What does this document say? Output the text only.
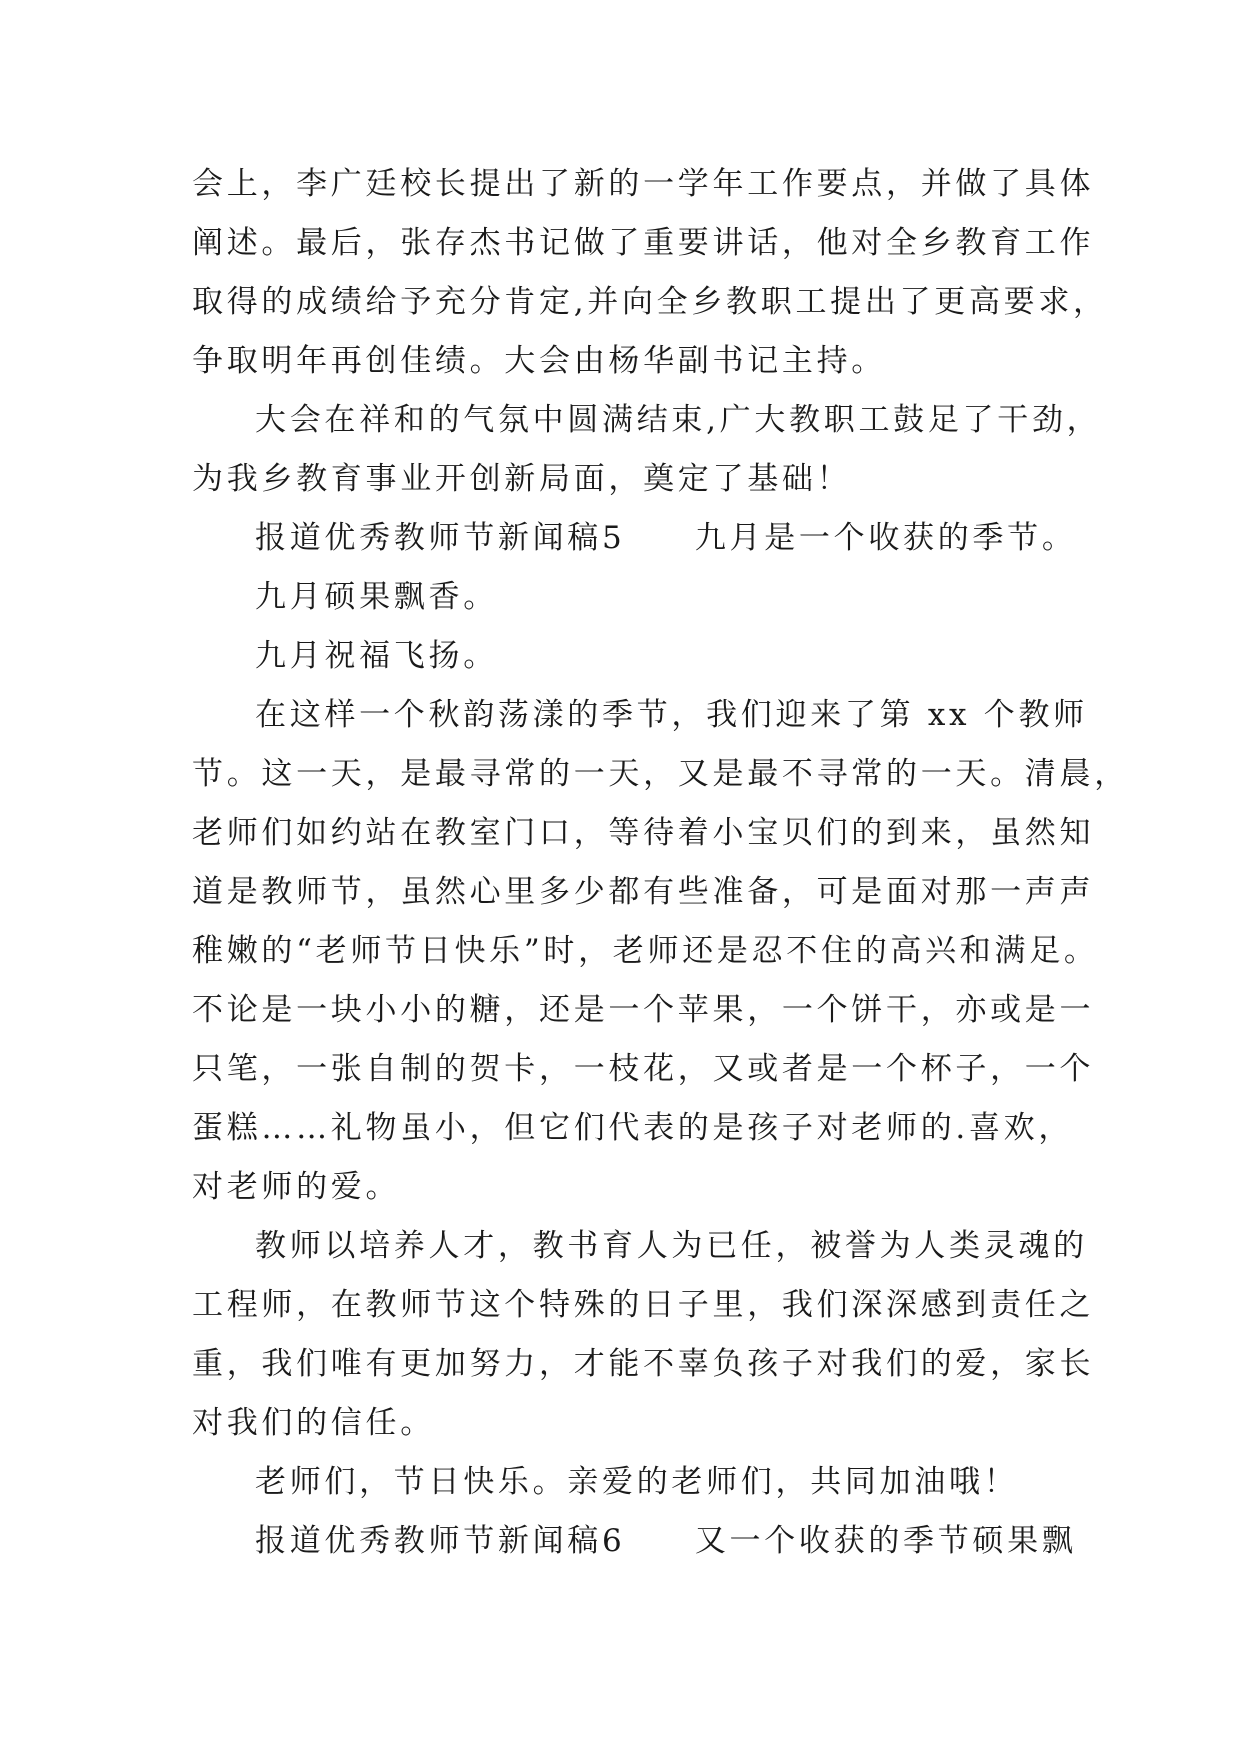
会上，李广廷校长提出了新的一学年工作要点，并做了具体
阐述。最后，张存杰书记做了重要讲话，他对全乡教育工作
取得的成绩给予充分肯定,并向全乡教职工提出了更高要求，
争取明年再创佳绩。大会由杨华副书记主持。
大会在祥和的气氛中圆满结束,广大教职工鼓足了干劲，
为我乡教育事业开创新局面，奠定了基础！
报道优秀教师节新闻稿5　　九月是一个收获的季节。
九月硕果飘香。
九月祝福飞扬。
在这样一个秋韵荡漾的季节，我们迎来了第 xx 个教师
节。这一天，是最寻常的一天，又是最不寻常的一天。清晨，
老师们如约站在教室门口，等待着小宝贝们的到来，虽然知
道是教师节，虽然心里多少都有些准备，可是面对那一声声
稚嫩的“老师节日快乐”时，老师还是忍不住的高兴和满足。
不论是一块小小的糖，还是一个苹果，一个饼干，亦或是一
只笔，一张自制的贺卡，一枝花，又或者是一个杯子，一个
蛋糕……礼物虽小，但它们代表的是孩子对老师的.喜欢，
对老师的爱。
教师以培养人才，教书育人为已任，被誉为人类灵魂的
工程师，在教师节这个特殊的日子里，我们深深感到责任之
重，我们唯有更加努力，才能不辜负孩子对我们的爱，家长
对我们的信任。
老师们，节日快乐。亲爱的老师们，共同加油哦！
报道优秀教师节新闻稿6　　又一个收获的季节硕果飘
